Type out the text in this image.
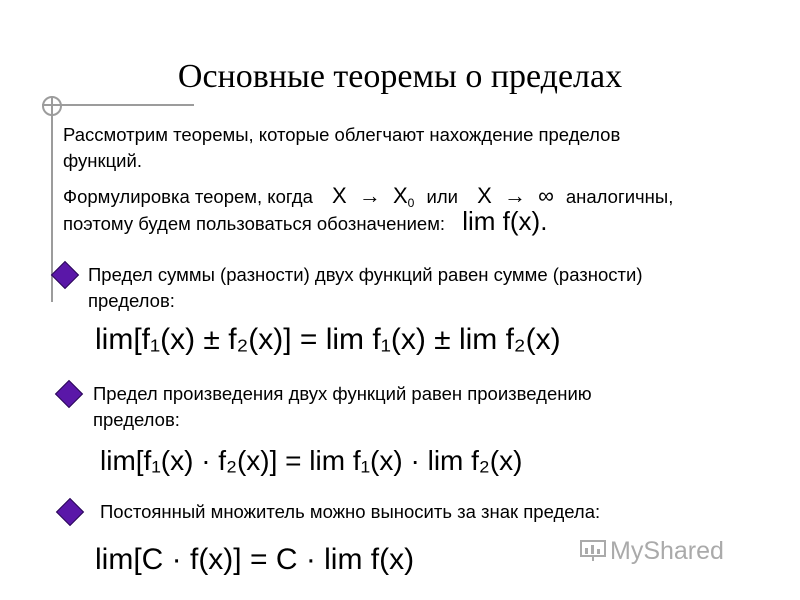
Основные теоремы о пределах
Рассмотрим теоремы, которые облегчают нахождение пределов
функций.
Формулировка теорем, когда $X \to X_0$ или X → ∞ аналогичны,
поэтому будем пользоваться обозначением: lim f(x).
Предел суммы (разности) двух функций равен сумме (разности)
пределов:
lim[f₁(x) ± f₂(x)] = lim f₁(x) ± lim f₂(x)
Предел произведения двух функций равен произведению
пределов:
lim[f₁(x) · f₂(x)] = lim f₁(x) · lim f₂(x)
Постоянный множитель можно выносить за знак предела:
lim[C · f(x)] = C · lim f(x)	MyShared
